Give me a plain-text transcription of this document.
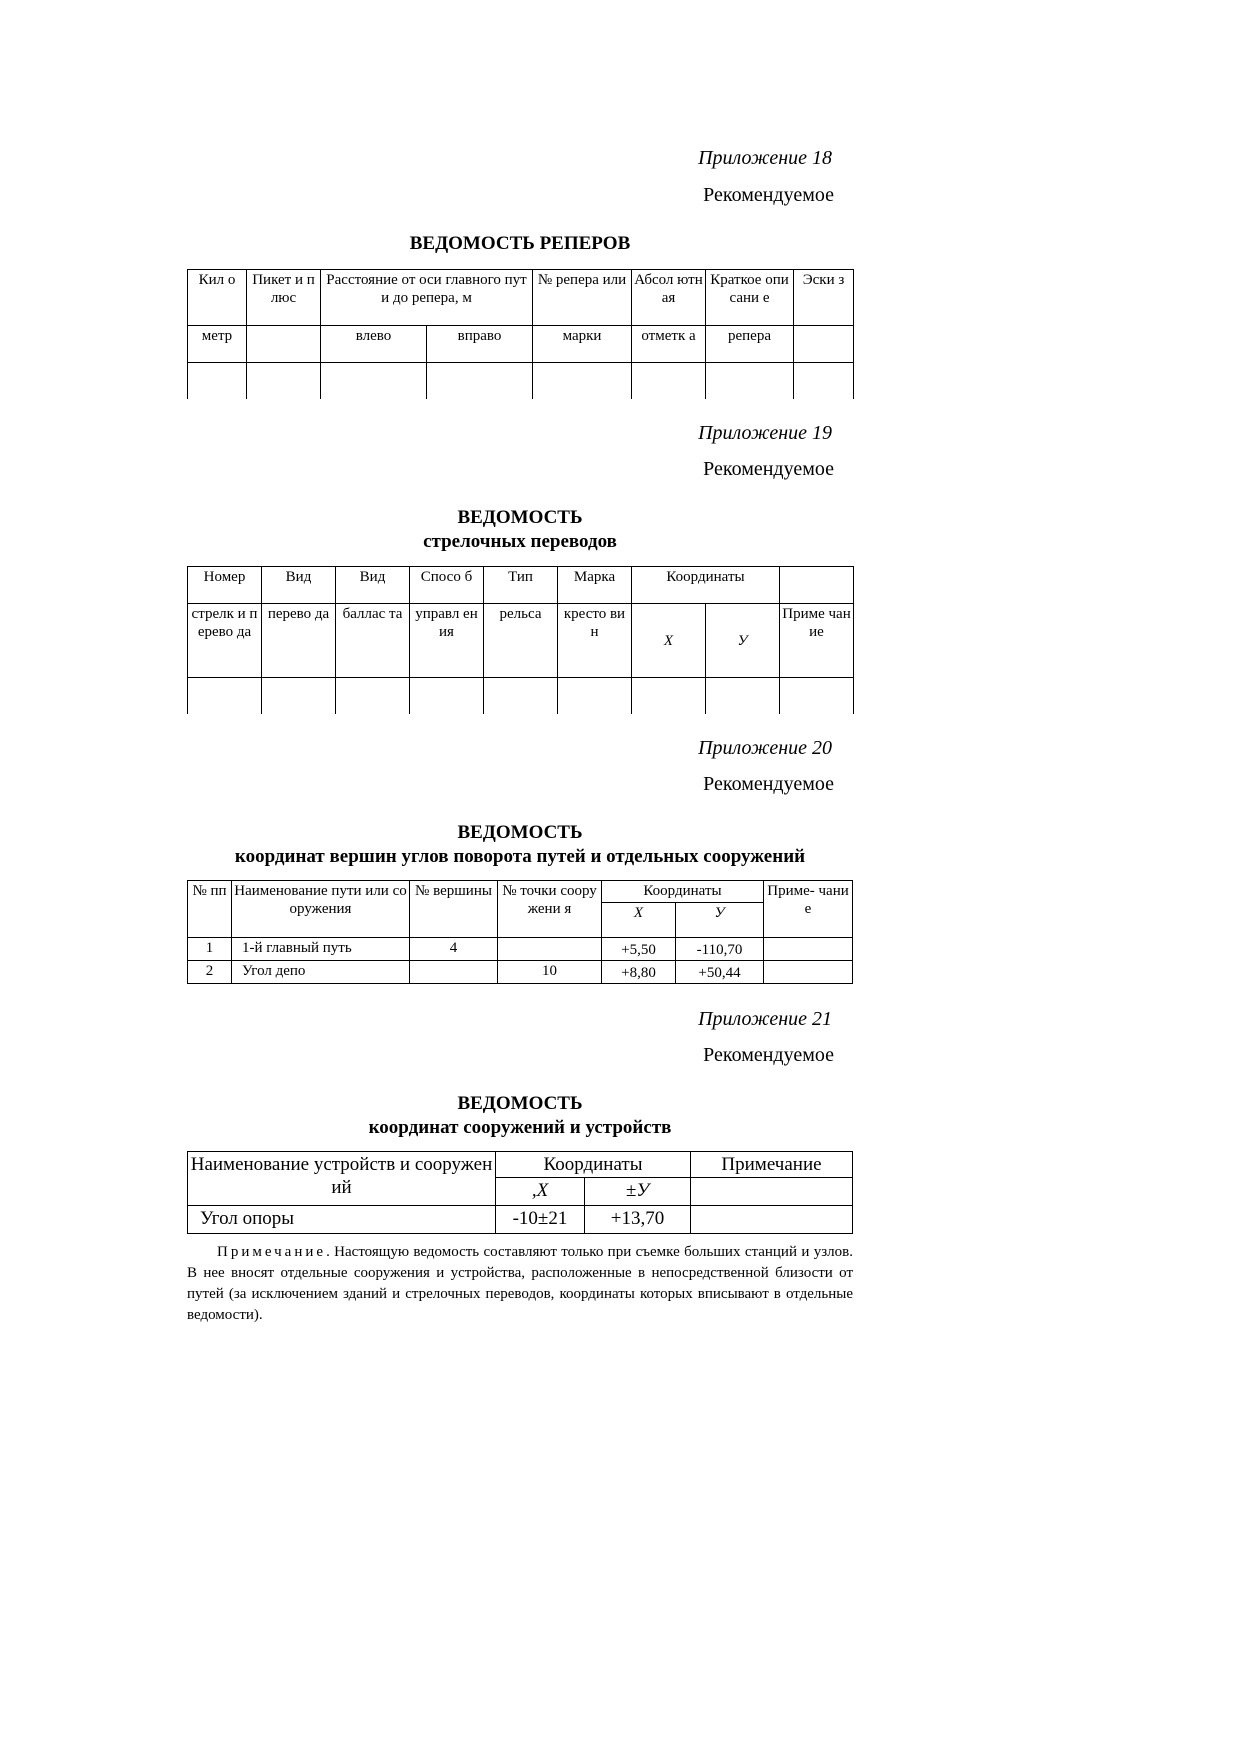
Приложение 18
Рекомендуемое
ВЕДОМОСТЬ РЕПЕРОВ
Кил о	Пикет и плюс	Расстояние от оси главного пути до репера, м		№ репера или	Абсол ютная	Краткое описани е	Эски з
метр		влево	вправо	марки	отметк а	репера	

Приложение 19
Рекомендуемое
ВЕДОМОСТЬ
стрелочных переводов
Номер	Вид	Вид	Спосо б	Тип	Марка	Координаты		
стрелк и перево да	перево да	баллас та	управл ения	рельса	кресто вин	Х	У	Приме чание

Приложение 20
Рекомендуемое
ВЕДОМОСТЬ
координат вершин углов поворота путей и отдельных сооружений
№ пп	Наименование пути или сооружения	№ вершины	№ точки сооружени я	Координаты		Приме- чание
				Х	У	
1	1-й главный путь	4		+5,50	-110,70	
2	Угол депо		10	+8,80	+50,44	
Приложение 21
Рекомендуемое
ВЕДОМОСТЬ
координат сооружений и устройств
Наименование устройств и сооружений	Координаты		Примечание
	,Х	±У	
Угол опоры	-10±21	+13,70	
Примечание. Настоящую ведомость составляют только при съемке больших станций и узлов. В нее вносят отдельные сооружения и устройства, расположенные в непосредственной близости от путей (за исключением зданий и стрелочных переводов, координаты которых вписывают в отдельные ведомости).
